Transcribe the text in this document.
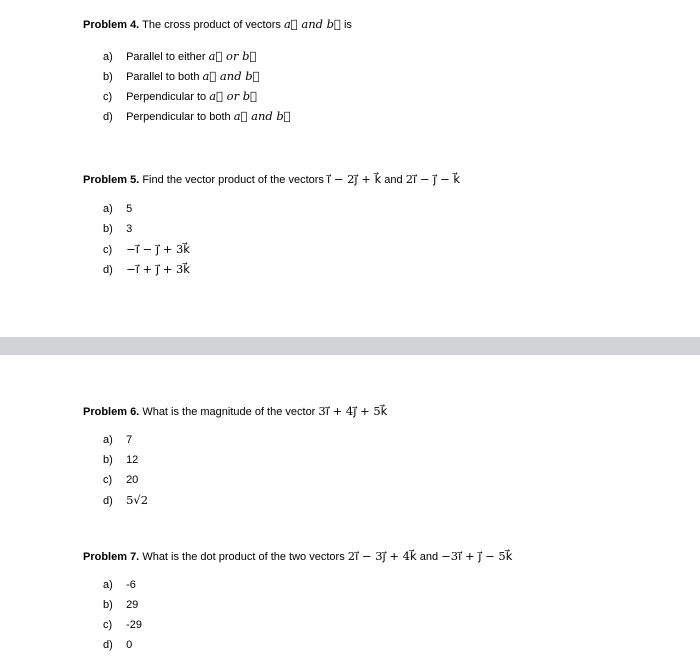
Problem 4. The cross product of vectors a⃗ and b⃗ is
a) Parallel to either a⃗ or b⃗
b) Parallel to both a⃗ and b⃗
c) Perpendicular to a⃗ or b⃗
d) Perpendicular to both a⃗ and b⃗
Problem 5. Find the vector product of the vectors ı⃗ − 2ȷ⃗ + k⃗ and 2ı⃗ − ȷ⃗ − k⃗
a) 5
b) 3
c) −ı⃗ − ȷ⃗ + 3k⃗
d) −ı⃗ + ȷ⃗ + 3k⃗
Problem 6. What is the magnitude of the vector 3ı⃗ + 4ȷ⃗ + 5k⃗
a) 7
b) 12
c) 20
d) 5√2
Problem 7. What is the dot product of the two vectors 2ı⃗ − 3ȷ⃗ + 4k⃗ and −3ı⃗ + ȷ⃗ − 5k⃗
a) -6
b) 29
c) -29
d) 0
